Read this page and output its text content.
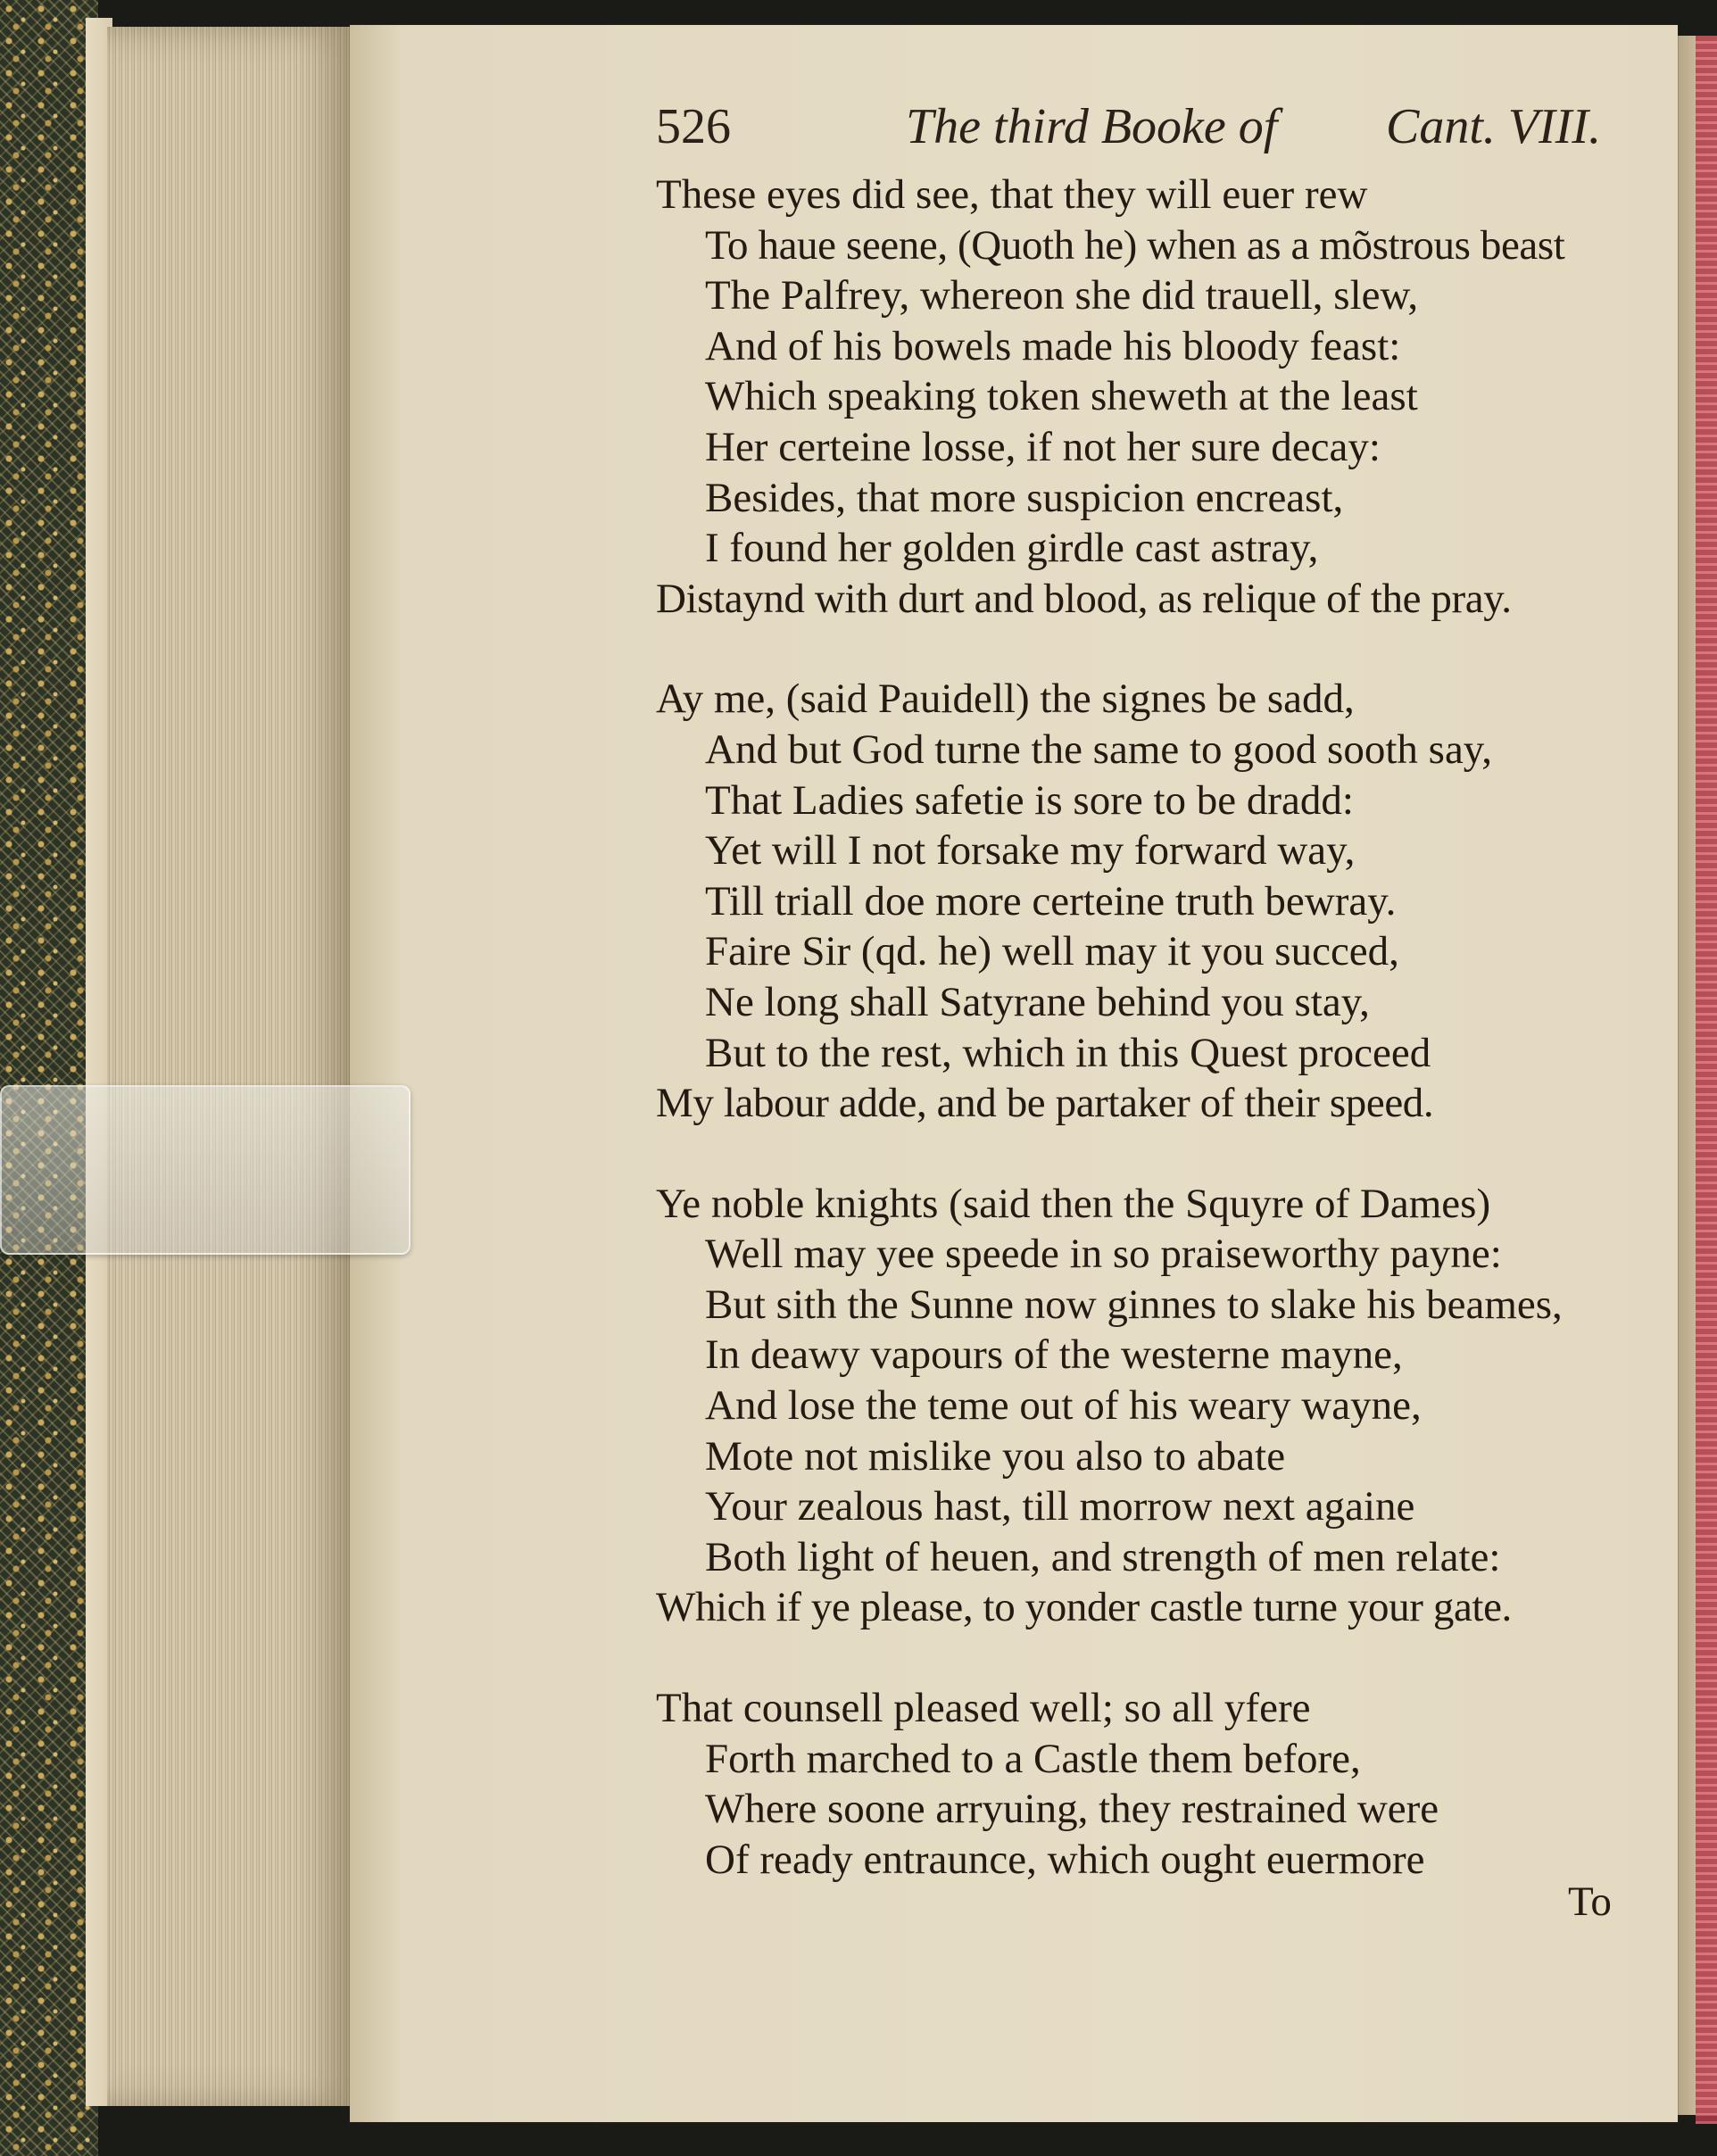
526	The third Booke of Cant. VIII.
These eyes did see, that they will euer rew
To haue seene, (Quoth he) when as a mõstrous beast
The Palfrey, whereon she did trauell, slew,
And of his bowels made his bloody feast:
Which speaking token sheweth at the least
Her certeine losse, if not her sure decay:
Besides, that more suspicion encreast,
I found her golden girdle cast astray,
Distaynd with durt and blood, as relique of the pray.
Ay me, (said Pauidell) the signes be sadd,
And but God turne the same to good sooth say,
That Ladies safetie is sore to be dradd:
Yet will I not forsake my forward way,
Till triall doe more certeine truth bewray.
Faire Sir (qd. he) well may it you succed,
Ne long shall Satyrane behind you stay,
But to the rest, which in this Quest proceed
My labour adde, and be partaker of their speed.
Ye noble knights (said then the Squyre of Dames)
Well may yee speede in so praiseworthy payne:
But sith the Sunne now ginnes to slake his beames,
In deawy vapours of the westerne mayne,
And lose the teme out of his weary wayne,
Mote not mislike you also to abate
Your zealous hast, till morrow next againe
Both light of heuen, and strength of men relate:
Which if ye please, to yonder castle turne your gate.
That counsell pleased well; so all yfere
Forth marched to a Castle them before,
Where soone arryuing, they restrained were
Of ready entraunce, which ought euermore
To
